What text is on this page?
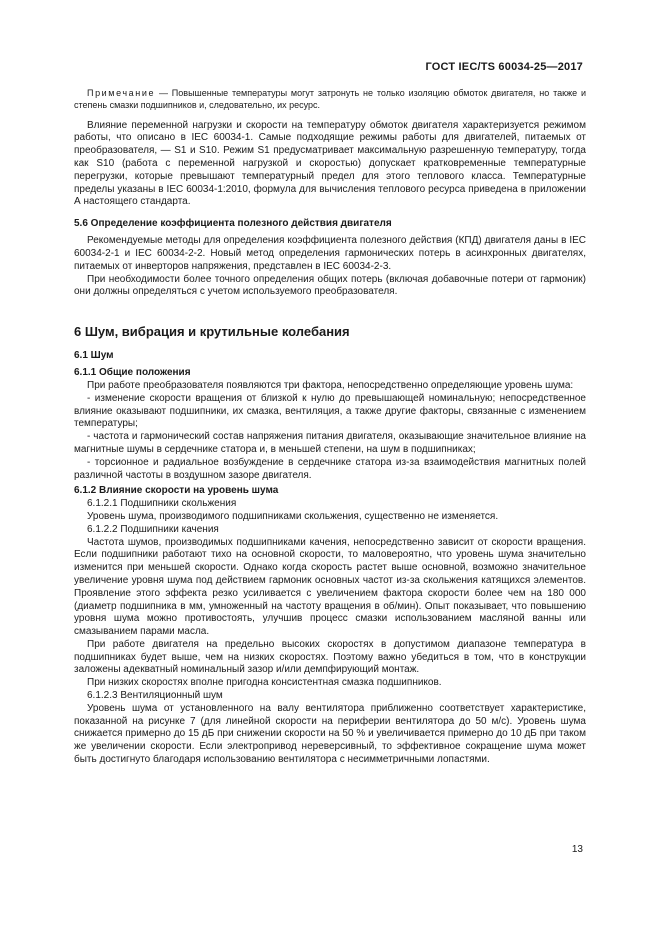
ГОСТ IEC/TS 60034-25—2017

Примечание — Повышенные температуры могут затронуть не только изоляцию обмоток двигателя, но также и степень смазки подшипников и, следовательно, их ресурс.

Влияние переменной нагрузки и скорости на температуру обмоток двигателя характеризуется режимом работы, что описано в IEC 60034-1. Самые подходящие режимы работы для двигателей, питаемых от преобразователя, — S1 и S10. Режим S1 предусматривает максимальную разрешенную температуру, тогда как S10 (работа с переменной нагрузкой и скоростью) допускает кратковременные температурные перегрузки, которые превышают температурный предел для этого теплового класса. Температурные пределы указаны в IEC 60034-1:2010, формула для вычисления теплового ресурса приведена в приложении А настоящего стандарта.

5.6 Определение коэффициента полезного действия двигателя

Рекомендуемые методы для определения коэффициента полезного действия (КПД) двигателя даны в IEC 60034-2-1 и IEC 60034-2-2. Новый метод определения гармонических потерь в асинхронных двигателях, питаемых от инверторов напряжения, представлен в IEC 60034-2-3.

При необходимости более точного определения общих потерь (включая добавочные потери от гармоник) они должны определяться с учетом используемого преобразователя.

6 Шум, вибрация и крутильные колебания
6.1 Шум

6.1.1 Общие положения

При работе преобразователя появляются три фактора, непосредственно определяющие уровень шума:

- изменение скорости вращения от близкой к нулю до превышающей номинальную; непосредственное влияние оказывают подшипники, их смазка, вентиляция, а также другие факторы, связанные с изменением температуры;

- частота и гармонический состав напряжения питания двигателя, оказывающие значительное влияние на магнитные шумы в сердечнике статора и, в меньшей степени, на шум в подшипниках;

- торсионное и радиальное возбуждение в сердечнике статора из-за взаимодействия магнитных полей различной частоты в воздушном зазоре двигателя.

6.1.2 Влияние скорости на уровень шума

6.1.2.1 Подшипники скольжения

Уровень шума, производимого подшипниками скольжения, существенно не изменяется.

6.1.2.2 Подшипники качения

Частота шумов, производимых подшипниками качения, непосредственно зависит от скорости вращения. Если подшипники работают тихо на основной скорости, то маловероятно, что уровень шума значительно изменится при меньшей скорости. Однако когда скорость растет выше основной, возможно значительное увеличение уровня шума под действием гармоник основных частот из-за скольжения катящихся элементов. Проявление этого эффекта резко усиливается с увеличением фактора скорости более чем на 180 000 (диаметр подшипника в мм, умноженный на частоту вращения в об/мин). Опыт показывает, что повышению уровня шума можно противостоять, улучшив процесс смазки использованием масляной ванны или смазыванием парами масла.

При работе двигателя на предельно высоких скоростях в допустимом диапазоне температура в подшипниках будет выше, чем на низких скоростях. Поэтому важно убедиться в том, что в конструкции заложены адекватный номинальный зазор и/или демпфирующий монтаж.

При низких скоростях вполне пригодна консистентная смазка подшипников.

6.1.2.3 Вентиляционный шум

Уровень шума от установленного на валу вентилятора приближенно соответствует характеристике, показанной на рисунке 7 (для линейной скорости на периферии вентилятора до 50 м/с). Уровень шума снижается примерно до 15 дБ при снижении скорости на 50 % и увеличивается примерно до 10 дБ при таком же увеличении скорости. Если электропривод нереверсивный, то эффективное сокращение шума может быть достигнуто благодаря использованию вентилятора с несимметричными лопастями.

13
